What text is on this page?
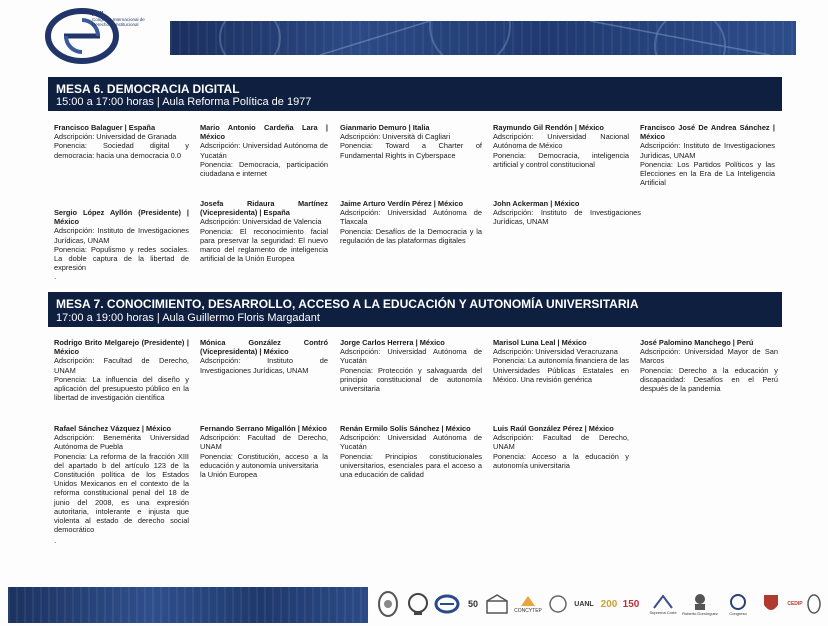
XVI
Congreso Internacional de Derecho Constitucional
MESA 6. DEMOCRACIA DIGITAL
15:00 a 17:00 horas | Aula Reforma Política de 1977
Francisco Balaguer | España
Adscripción: Universidad de Granada
Ponencia: Sociedad digital y democracia: hacia una democracia 0.0
Mario Antonio Cardeña Lara | México
Adscripción: Universidad Autónoma de Yucatán
Ponencia: Democracia, participación ciudadana e internet
Gianmario Demuro | Italia
Adscripción: Università di Cagliari
Ponencia: Toward a Charter of Fundamental Rights in Cyberspace
Raymundo Gil Rendón | México
Adscripción: Universidad Nacional Autónoma de México
Ponencia: Democracia, inteligencia artificial y control constitucional
Francisco José De Andrea Sánchez | México
Adscripción: Instituto de Investigaciones Jurídicas, UNAM
Ponencia: Los Partidos Políticos y las Elecciones en la Era de La Inteligencia Artificial
Sergio López Ayllón (Presidente) | México
Adscripción: Instituto de Investigaciones Jurídicas, UNAM
Ponencia: Populismo y redes sociales. La doble captura de la libertad de expresión
.
Josefa Ridaura Martínez (Vicepresidenta) | España
Adscripción: Universidad de Valencia
Ponencia: El reconocimiento facial para preservar la seguridad: El nuevo marco del reglamento de inteligencia artificial de la Unión Europea
Jaime Arturo Verdín Pérez | México
Adscripción: Universidad Autónoma de Tlaxcala
Ponencia: Desafíos de la Democracia y la regulación de las plataformas digitales
John Ackerman | México
Adscripción: Instituto de Investigaciones Jurídicas, UNAM
MESA 7. CONOCIMIENTO, DESARROLLO, ACCESO A LA EDUCACIÓN Y AUTONOMÍA UNIVERSITARIA
17:00 a 19:00 horas | Aula Guillermo Floris Margadant
Rodrigo Brito Melgarejo (Presidente) | México
Adscripción: Facultad de Derecho, UNAM
Ponencia: La influencia del diseño y aplicación del presupuesto público en la libertad de investigación científica
Mónica González Contró (Vicepresidenta) | México
Adscripción: Instituto de Investigaciones Jurídicas, UNAM
Jorge Carlos Herrera | México
Adscripción: Universidad Autónoma de Yucatán
Ponencia: Protección y salvaguarda del principio constitucional de autonomía universitaria
Marisol Luna Leal | México
Adscripción: Universidad Veracruzana
Ponencia: La autonomía financiera de las Universidades Públicas Estatales en México. Una revisión genérica
José Palomino Manchego | Perú
Adscripción: Universidad Mayor de San Marcos
Ponencia: Derecho a la educación y discapacidad: Desafíos en el Perú después de la pandemia
Rafael Sánchez Vázquez | México
Adscripción: Benemérita Universidad Autónoma de Puebla
Ponencia: La reforma de la fracción XIII del apartado b del artículo 123 de la Constitución política de los Estados Unidos Mexicanos en el contexto de la reforma constitucional penal del 18 de junio del 2008, es una expresión autoritaria, intolerante e injusta que violenta al estado de derecho social democrático
.
Fernando Serrano Migallón | México
Adscripción: Facultad de Derecho, UNAM
Ponencia: Constitución, acceso a la educación y autonomía universitaria
la Unión Europea
Renán Ermilo Solís Sánchez | México
Adscripción: Universidad Autónoma de Yucatán
Ponencia: Principios constitucionales universitarios, esenciales para el acceso a una educación de calidad
Luis Raúl González Pérez | México
Adscripción: Facultad de Derecho, UNAM
Ponencia: Acceso a la educación y autonomía universitaria
50
CONCYTEP
UANL 200 150
Suprema Corte Roberto Domínguez	Congreso
CEDIP
